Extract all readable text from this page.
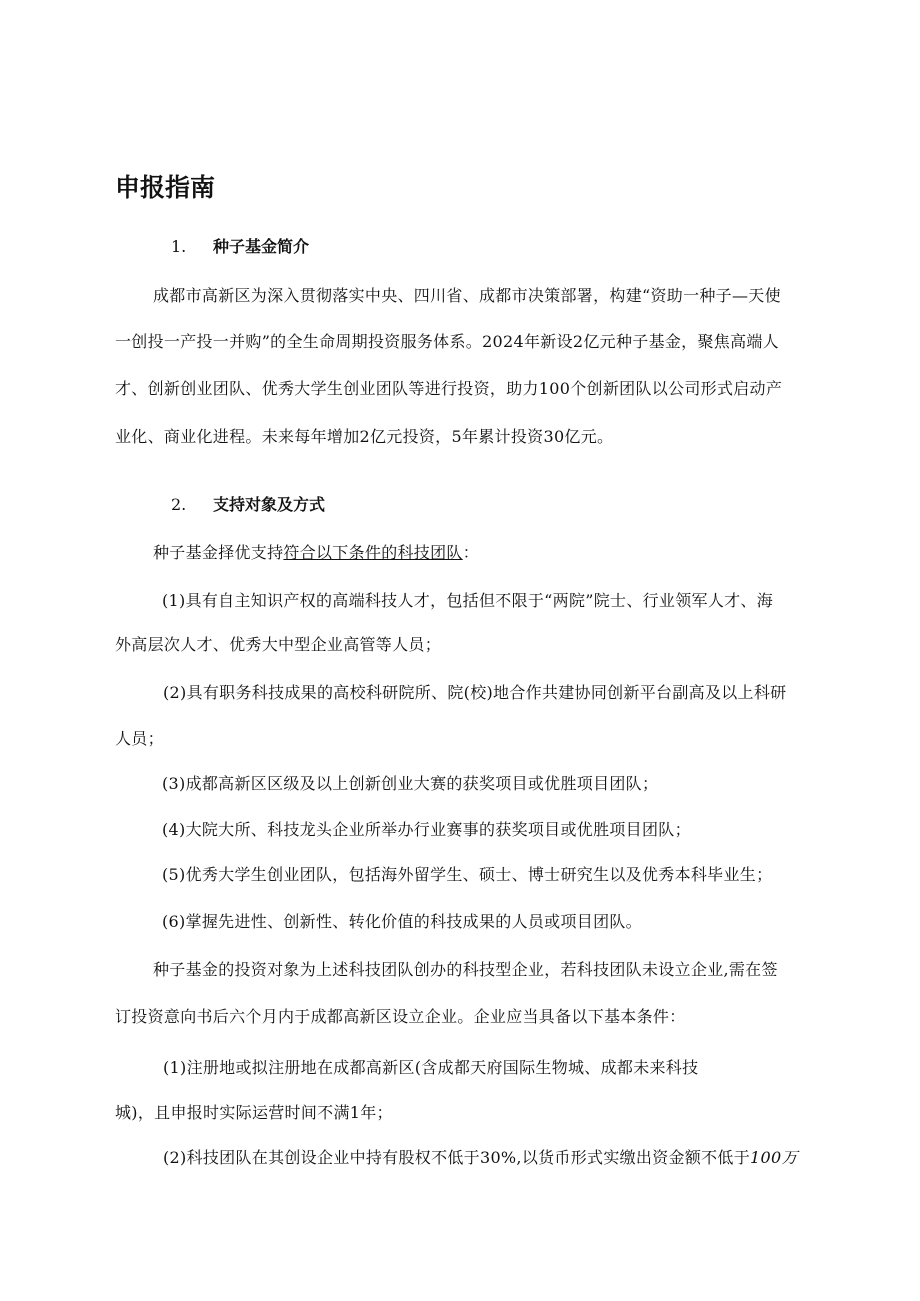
申报指南
1. 种子基金简介
成都市高新区为深入贯彻落实中央、四川省、成都市决策部署，构建“资助一种子—天使
一创投一产投一并购”的全生命周期投资服务体系。2024年新设2亿元种子基金，聚焦高端人
才、创新创业团队、优秀大学生创业团队等进行投资，助力100个创新团队以公司形式启动产
业化、商业化进程。未来每年增加2亿元投资，5年累计投资30亿元。
2. 支持对象及方式
种子基金择优支持符合以下条件的科技团队：
(1)具有自主知识产权的高端科技人才，包括但不限于“两院”院士、行业领军人才、海
外高层次人才、优秀大中型企业高管等人员；
(2)具有职务科技成果的高校科研院所、院(校)地合作共建协同创新平台副高及以上科研
人员；
(3)成都高新区区级及以上创新创业大赛的获奖项目或优胜项目团队；
(4)大院大所、科技龙头企业所举办行业赛事的获奖项目或优胜项目团队；
(5)优秀大学生创业团队，包括海外留学生、硕士、博士研究生以及优秀本科毕业生；
(6)掌握先进性、创新性、转化价值的科技成果的人员或项目团队。
种子基金的投资对象为上述科技团队创办的科技型企业，若科技团队未设立企业,需在签
订投资意向书后六个月内于成都高新区设立企业。企业应当具备以下基本条件：
(1)注册地或拟注册地在成都高新区(含成都天府国际生物城、成都未来科技
城)，且申报时实际运营时间不满1年；
(2)科技团队在其创设企业中持有股权不低于30%,以货币形式实缴出资金额不低于100万
